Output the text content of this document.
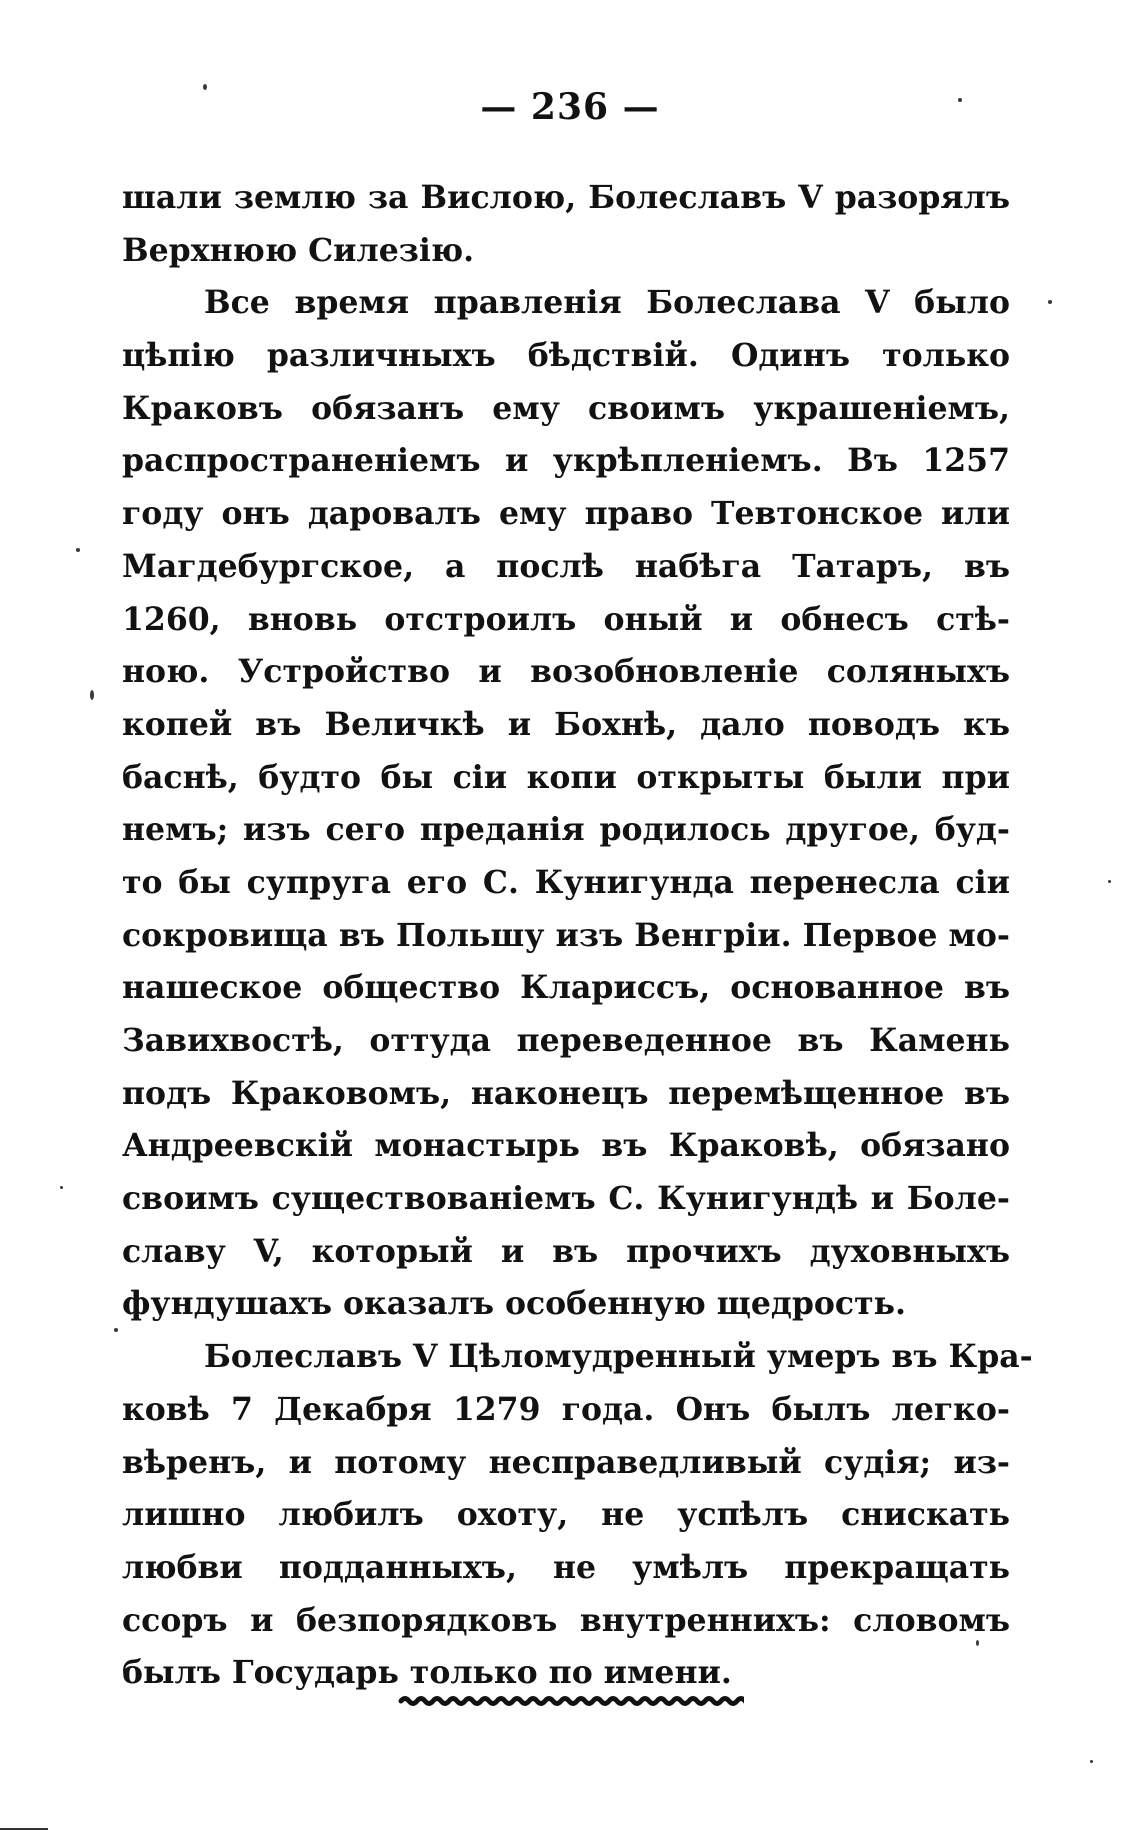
— 236 —
шали землю за Вислою, Болеславъ V разорялъ
Верхнюю Силезію.
Все время правленія Болеслава V было
цѣпію различныхъ бѣдствій. Одинъ только
Краковъ обязанъ ему своимъ украшеніемъ,
распространеніемъ и укрѣпленіемъ. Въ 1257
году онъ даровалъ ему право Тевтонское или
Магдебургское, а послѣ набѣга Татаръ, въ
1260, вновь отстроилъ оный и обнесъ стѣ-
ною. Устройство и возобновленіе соляныхъ
копей въ Величкѣ и Бохнѣ, дало поводъ къ
баснѣ, будто бы сіи копи открыты были при
немъ; изъ сего преданія родилось другое, буд-
то бы супруга его С. Кунигунда перенесла сіи
сокровища въ Польшу изъ Венгріи. Первое мо-
нашеское общество Кларисcъ, основанное въ
Завихвостѣ, оттуда переведенное въ Камень
подъ Краковомъ, наконецъ перемѣщенное въ
Андреевскій монастырь въ Краковѣ, обязано
своимъ существованіемъ С. Кунигундѣ и Боле-
славу V, который и въ прочихъ духовныхъ
фундушахъ оказалъ особенную щедрость.
Болеславъ V Цѣломудренный умеръ въ Кра-
ковѣ 7 Декабря 1279 года. Онъ былъ легко-
вѣренъ, и потому несправедливый судія; из-
лишно любилъ охоту, не успѣлъ снискать
любви подданныхъ, не умѣлъ прекращать
ссоръ и безпорядковъ внутреннихъ: словомъ
былъ Государь только по имени.
